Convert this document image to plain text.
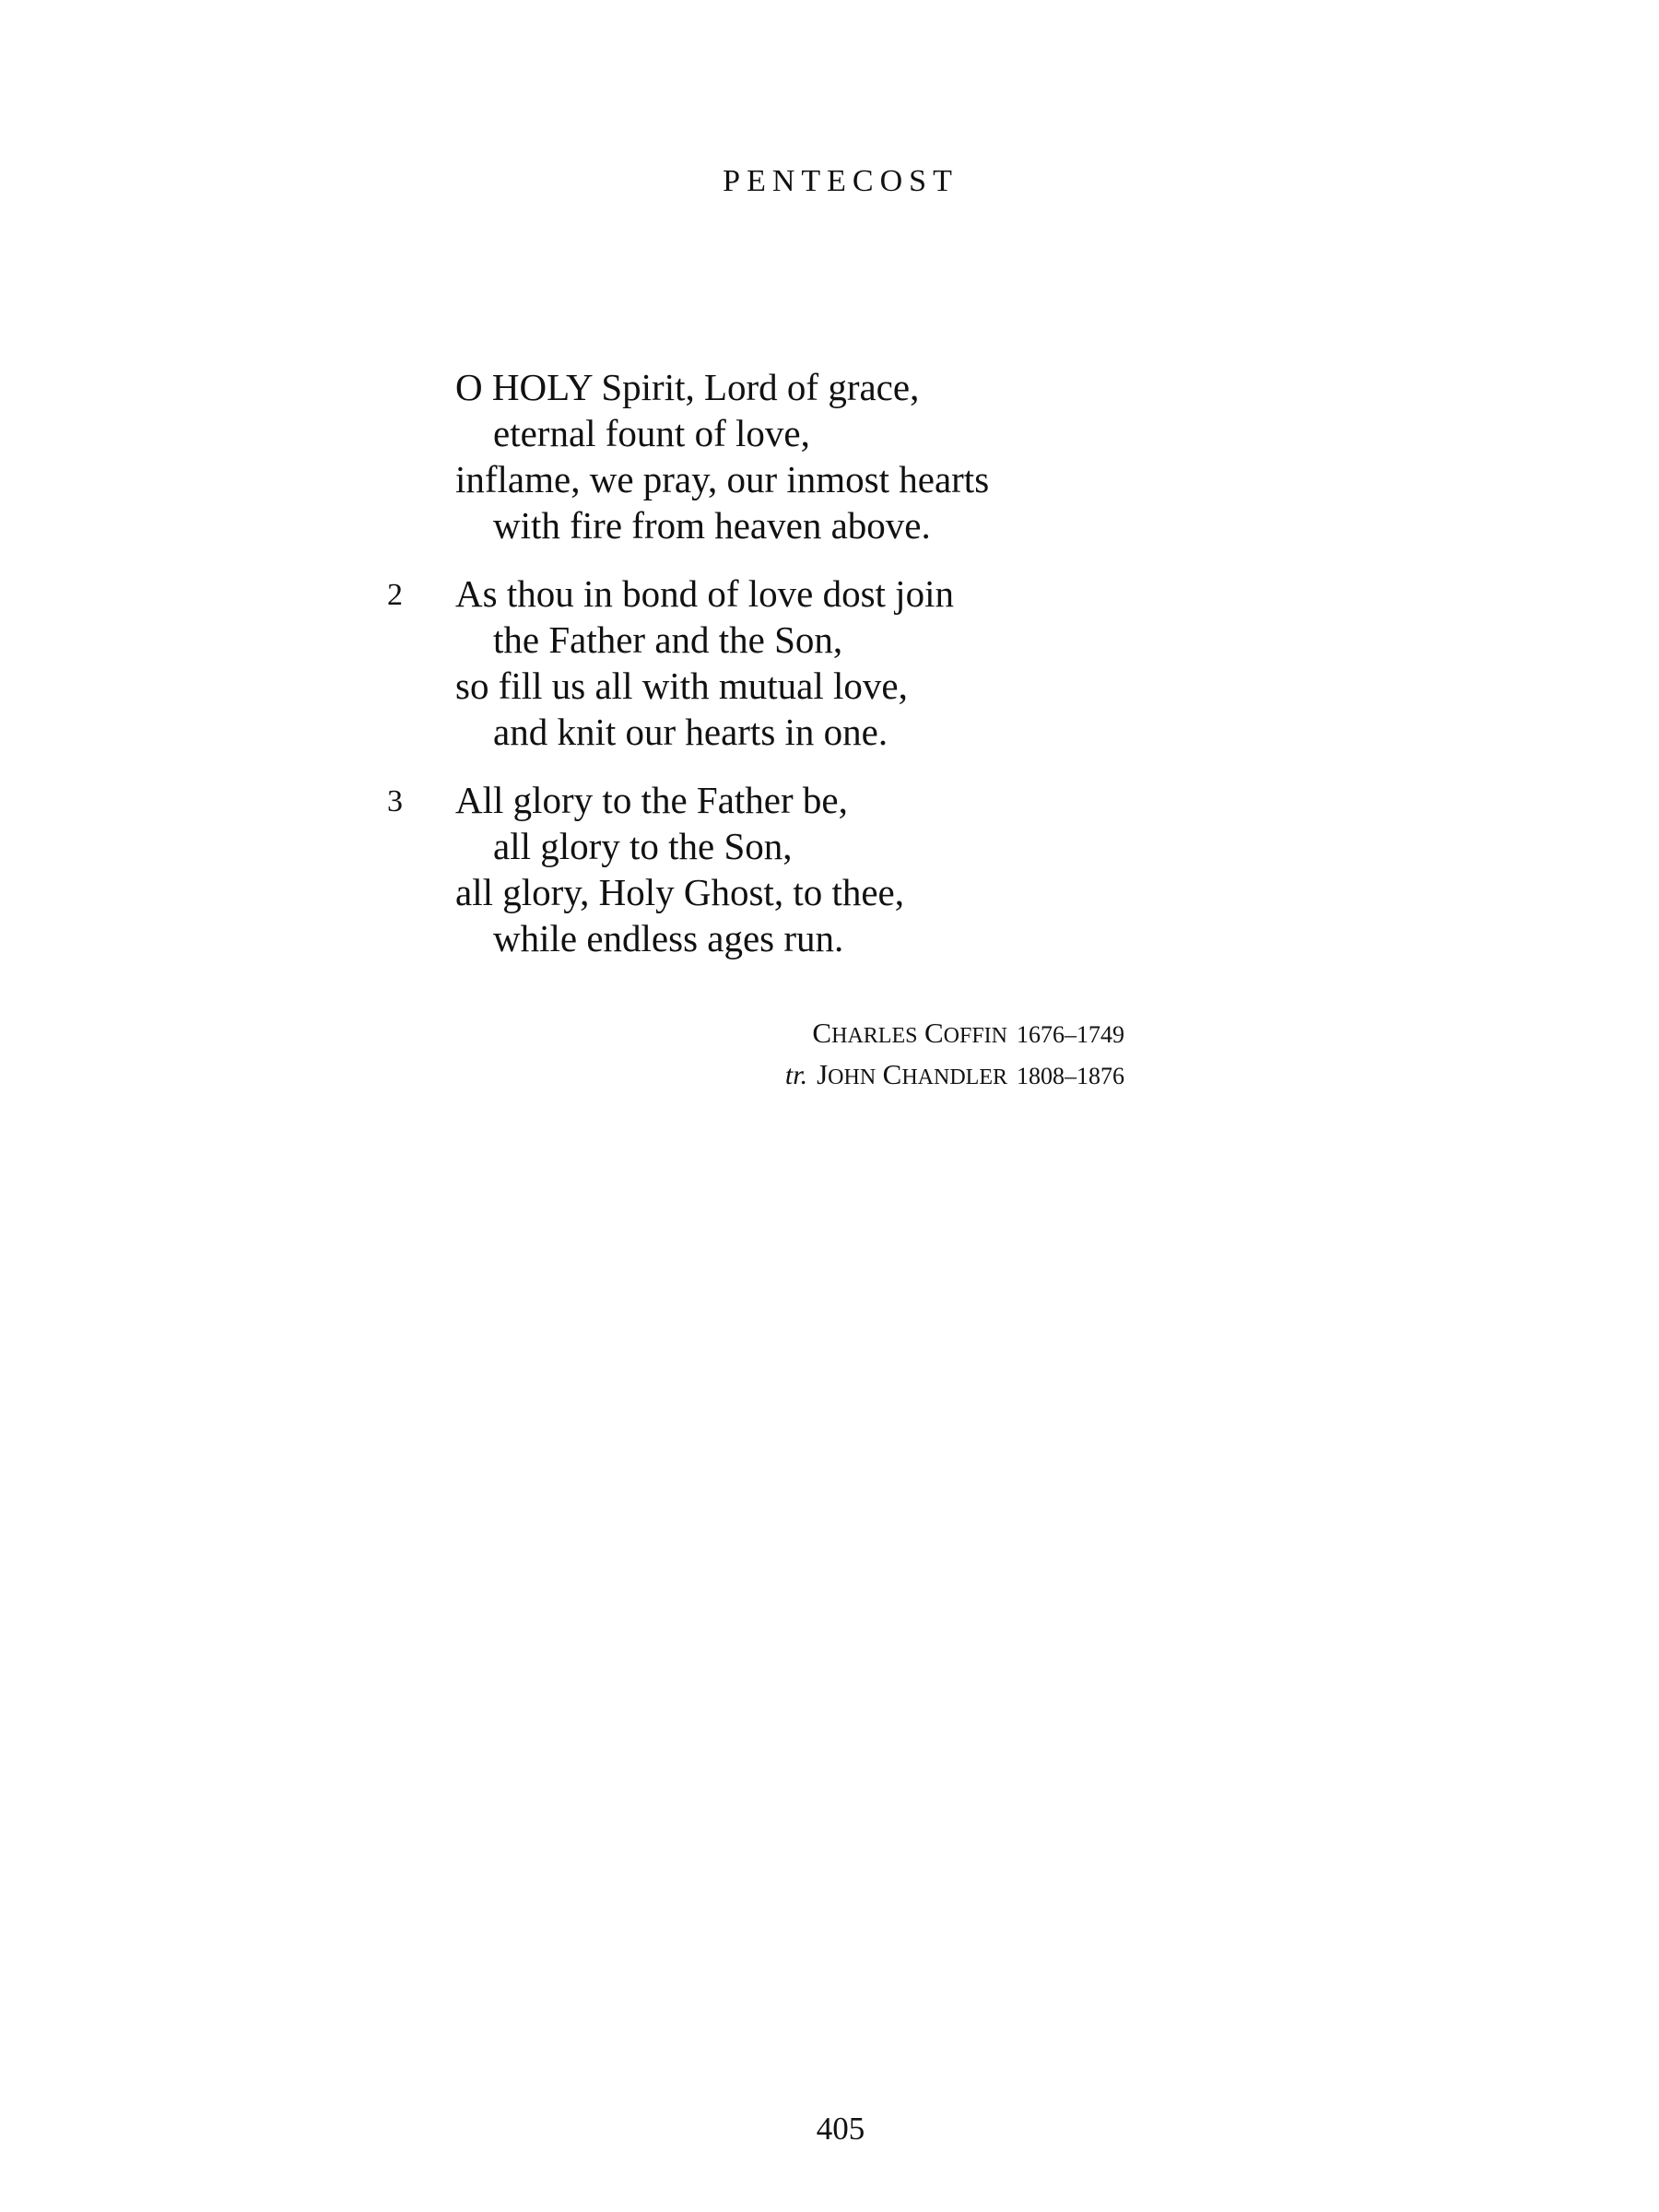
PENTECOST
O HOLY Spirit, Lord of grace,
eternal fount of love,
inflame, we pray, our inmost hearts
with fire from heaven above.
2	As thou in bond of love dost join
the Father and the Son,
so fill us all with mutual love,
and knit our hearts in one.
3	All glory to the Father be,
all glory to the Son,
all glory, Holy Ghost, to thee,
while endless ages run.
CHARLES COFFIN 1676–1749
tr. JOHN CHANDLER 1808–1876
405
